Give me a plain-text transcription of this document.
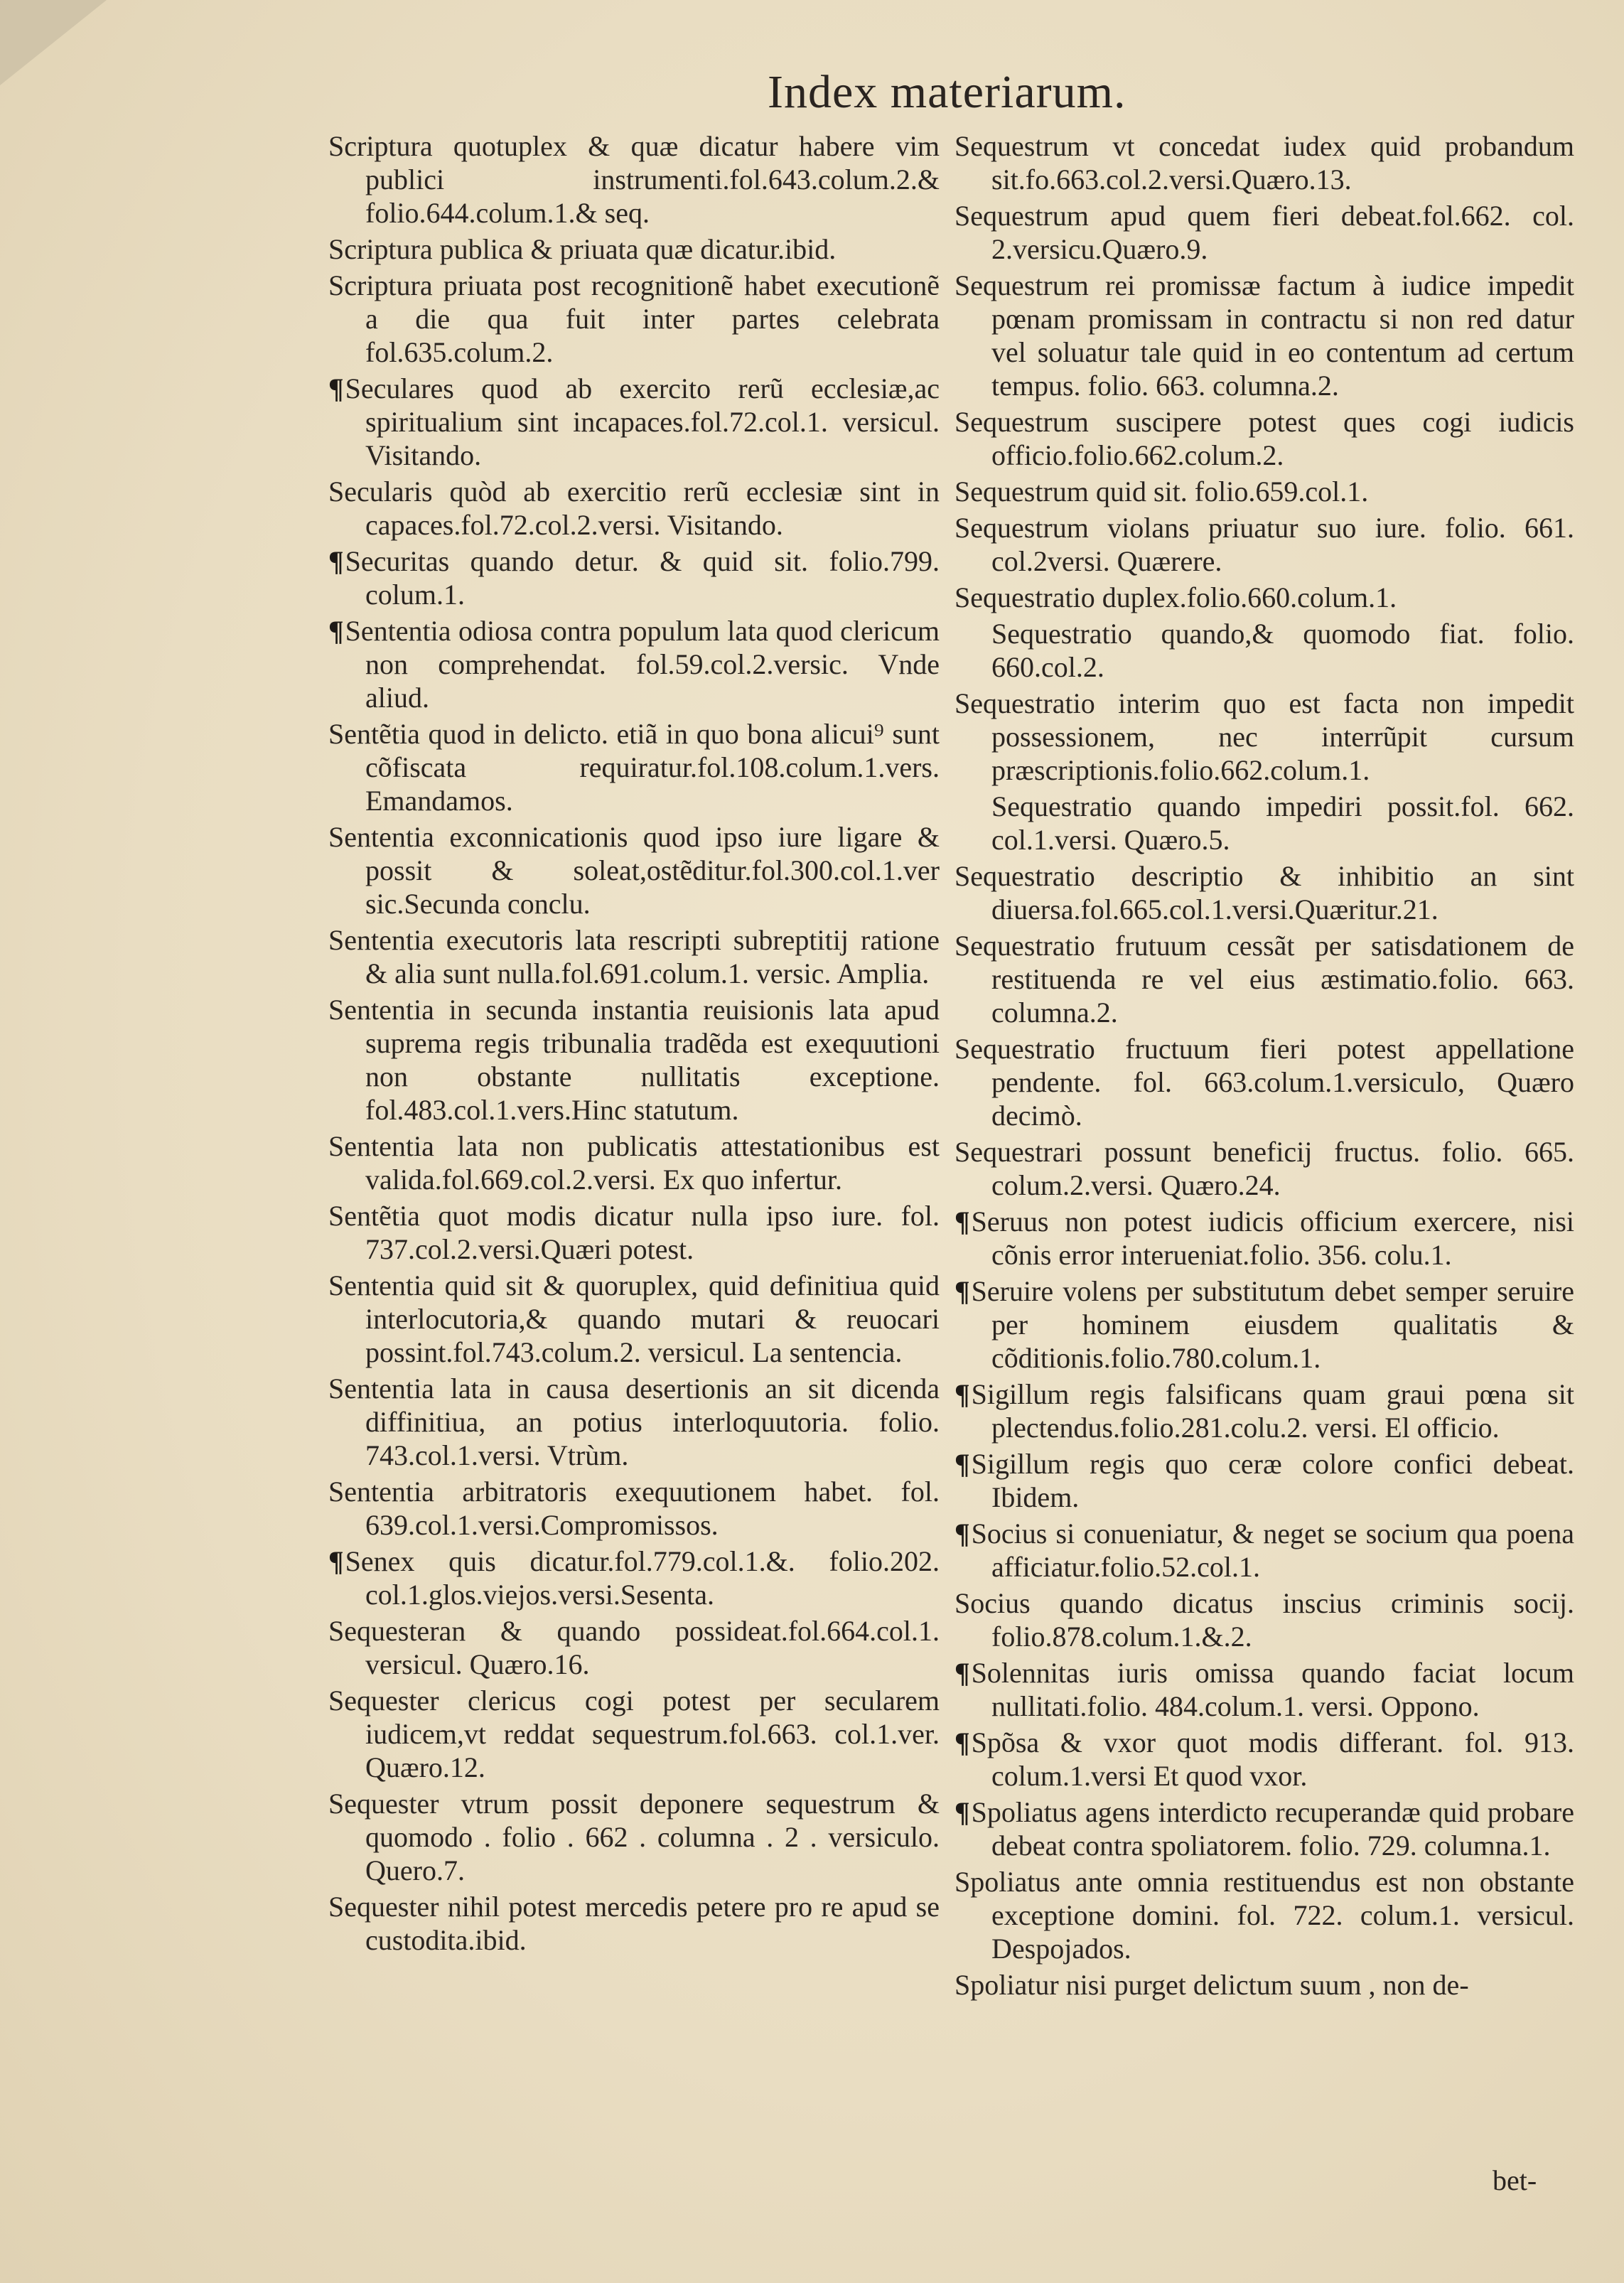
Index materiarum.

Scriptura quotuplex & quæ dicatur habere vim publici instrumenti.fol.643.colum.2.& folio.644.colum.1.& seq.

Scriptura publica & priuata quæ dicatur.ibid.

Scriptura priuata post recognitionẽ habet executionẽ a die qua fuit inter partes celebrata fol.635.colum.2.

¶Seculares quod ab exercito rerũ ecclesiæ,ac spiritualium sint incapaces.fol.72.col.1. versicul. Visitando.

Secularis quòd ab exercitio rerũ ecclesiæ sint in capaces.fol.72.col.2.versi. Visitando.

¶Securitas quando detur. & quid sit. folio.799. colum.1.

¶Sententia odiosa contra populum lata quod clericum non comprehendat. fol.59.col.2.versic. Vnde aliud.

Sentẽtia quod in delicto. etiã in quo bona alicui⁹ sunt cõfiscata requiratur.fol.108.colum.1.vers. Emandamos.

Sententia exconnicationis quod ipso iure ligare & possit & soleat,ostẽditur.fol.300.col.1.ver sic.Secunda conclu.

Sententia executoris lata rescripti subreptitij ratione & alia sunt nulla.fol.691.colum.1. versic. Amplia.

Sententia in secunda instantia reuisionis lata apud suprema regis tribunalia tradẽda est exequutioni non obstante nullitatis exceptione. fol.483.col.1.vers.Hinc statutum.

Sententia lata non publicatis attestationibus est valida.fol.669.col.2.versi. Ex quo infertur.

Sentẽtia quot modis dicatur nulla ipso iure. fol. 737.col.2.versi.Quæri potest.

Sententia quid sit & quoruplex, quid definitiua quid interlocutoria,& quando mutari & reuocari possint.fol.743.colum.2. versicul. La sentencia.

Sententia lata in causa desertionis an sit dicenda diffinitiua, an potius interloquutoria. folio. 743.col.1.versi. Vtrùm.

Sententia arbitratoris exequutionem habet. fol. 639.col.1.versi.Compromissos.

¶Senex quis dicatur.fol.779.col.1.&. folio.202. col.1.glos.viejos.versi.Sesenta.

Sequesteran & quando possideat.fol.664.col.1. versicul. Quæro.16.

Sequester clericus cogi potest per secularem iudicem,vt reddat sequestrum.fol.663. col.1.ver. Quæro.12.

Sequester vtrum possit deponere sequestrum & quomodo . folio . 662 . columna . 2 . versiculo. Quero.7.

Sequester nihil potest mercedis petere pro re apud se custodita.ibid.

Sequestrum vt concedat iudex quid probandum sit.fo.663.col.2.versi.Quæro.13.

Sequestrum apud quem fieri debeat.fol.662. col. 2.versicu.Quæro.9.

Sequestrum rei promissæ factum à iudice impedit pœnam promissam in contractu si non red datur vel soluatur tale quid in eo contentum ad certum tempus. folio. 663. columna.2.

Sequestrum suscipere potest ques cogi iudicis officio.folio.662.colum.2.

Sequestrum quid sit. folio.659.col.1.

Sequestrum violans priuatur suo iure. folio. 661. col.2versi. Quærere.

Sequestratio duplex.folio.660.colum.1.

Sequestratio quando,& quomodo fiat. folio. 660.col.2.

Sequestratio interim quo est facta non impedit possessionem, nec interrũpit cursum præscriptionis.folio.662.colum.1.

Sequestratio quando impediri possit.fol. 662. col.1.versi. Quæro.5.

Sequestratio descriptio & inhibitio an sint diuersa.fol.665.col.1.versi.Quæritur.21.

Sequestratio frutuum cessãt per satisdationem de restituenda re vel eius æstimatio.folio. 663. columna.2.

Sequestratio fructuum fieri potest appellatione pendente. fol. 663.colum.1.versiculo, Quæro decimò.

Sequestrari possunt beneficij fructus. folio. 665. colum.2.versi. Quæro.24.

¶Seruus non potest iudicis officium exercere, nisi cõnis error interueniat.folio. 356. colu.1.

¶Seruire volens per substitutum debet semper seruire per hominem eiusdem qualitatis & cõditionis.folio.780.colum.1.

¶Sigillum regis falsificans quam graui pœna sit plectendus.folio.281.colu.2. versi. El officio.

¶Sigillum regis quo ceræ colore confici debeat. Ibidem.

¶Socius si conueniatur, & neget se socium qua poena afficiatur.folio.52.col.1.

Socius quando dicatus inscius criminis socij. folio.878.colum.1.&.2.

¶Solennitas iuris omissa quando faciat locum nullitati.folio. 484.colum.1. versi. Oppono.

¶Spõsa & vxor quot modis differant. fol. 913. colum.1.versi Et quod vxor.

¶Spoliatus agens interdicto recuperandæ quid probare debeat contra spoliatorem. folio. 729. columna.1.

Spoliatus ante omnia restituendus est non obstante exceptione domini. fol. 722. colum.1. versicul. Despojados.

Spoliatur nisi purget delictum suum , non de-

bet-
